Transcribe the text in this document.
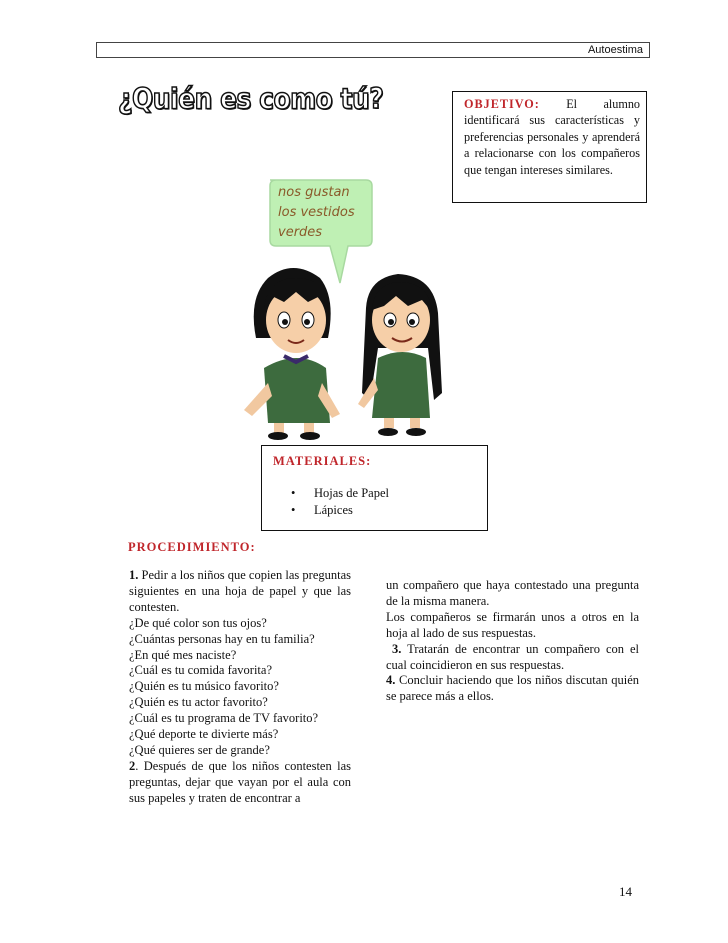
Autoestima
¿Quién es como tú?	OBJETIVO: El alumno identificará sus características y preferencias personales y aprenderá a relacionarse con los compañeros que tengan intereses similares.
nos gustan
los vestidos
verdes
MATERIALES:
• Hojas de Papel
• Lápices
PROCEDIMIENTO:

1. Pedir a los niños que copien las preguntas siguientes en una hoja de papel y que las contesten.

¿De qué color son tus ojos?

¿Cuántas personas hay en tu familia?

¿En qué mes naciste?

¿Cuál es tu comida favorita?

¿Quién es tu músico favorito?

¿Quién es tu actor favorito?

¿Cuál es tu programa de TV favorito?

¿Qué deporte te divierte más?

¿Qué quieres ser de grande?

2. Después de que los niños contesten las preguntas, dejar que vayan por el aula con sus papeles y traten de encontrar a

un compañero que haya contestado una pregunta de la misma manera.

Los compañeros se firmarán unos a otros en la hoja al lado de sus respuestas.

3. Tratarán de encontrar un compañero con el cual coincidieron en sus respuestas.

4. Concluir haciendo que los niños discutan quién se parece más a ellos.

14
